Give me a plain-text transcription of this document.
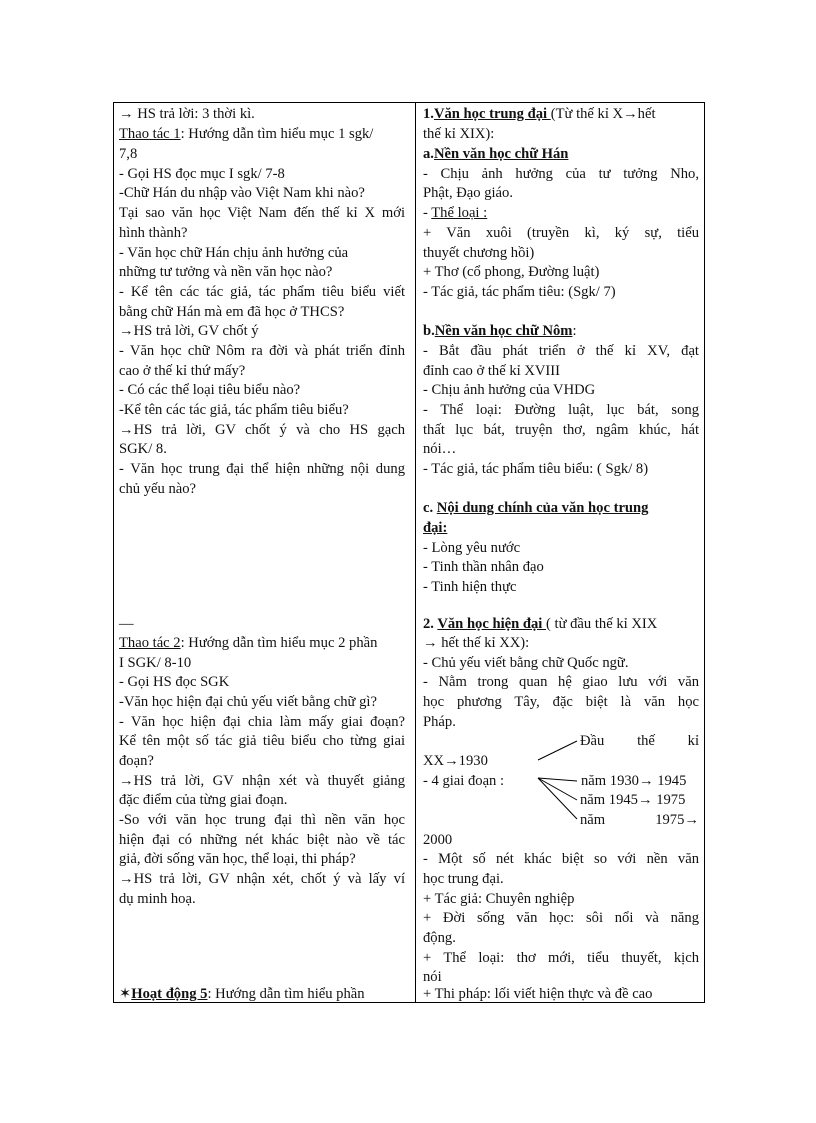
→ HS trả lời: 3 thời kì.
Thao tác 1: Hướng dẫn tìm hiểu mục 1 sgk/
7,8
- Gọi HS đọc mục I sgk/ 7-8
-Chữ Hán du nhập vào Việt Nam khi nào?
Tại sao văn học Việt Nam đến thế kỉ X mới
hình thành?
- Văn học chữ Hán chịu ảnh hưởng của
những tư tưởng và nền văn học nào?
- Kể tên các tác giả, tác phẩm tiêu biểu viết
bằng chữ Hán mà em đã học ở THCS?
→HS trả lời, GV chốt ý
- Văn học chữ Nôm ra đời và phát triển đỉnh
cao ở thế kỉ thứ mấy?
- Có các thể loại tiêu biểu nào?
-Kể tên các tác giả, tác phẩm tiêu biểu?
→HS trả lời, GV chốt ý và cho HS gạch
SGK/ 8.
- Văn học trung đại thể hiện những nội dung
chủ yếu nào?
__
Thao tác 2: Hướng dẫn tìm hiểu mục 2 phần
I SGK/ 8-10
- Gọi HS đọc SGK
-Văn học hiện đại chủ yếu viết bằng chữ gì?
- Văn học hiện đại chia làm mấy giai đoạn?
Kể tên một số tác giả tiêu biểu cho từng giai
đoạn?
→HS trả lời, GV nhận xét và thuyết giảng
đặc điểm của từng giai đoạn.
-So với văn học trung đại thì nền văn học
hiện đại có những nét khác biệt nào về tác
giả, đời sống văn học, thể loại, thi pháp?
→HS trả lời, GV nhận xét, chốt ý và lấy ví
dụ minh hoạ.
✶Hoạt động 5: Hướng dẫn tìm hiểu phần
1.Văn học trung đại (Từ thế kỉ X→hết
thế kỉ XIX):
a.Nền văn học chữ Hán
- Chịu ảnh hưởng của tư tưởng Nho,
Phật, Đạo giáo.
- Thể loại :
+ Văn xuôi (truyền kì, ký sự, tiểu
thuyết chương hồi)
+ Thơ (cổ phong, Đường luật)
- Tác giả, tác phẩm tiêu: (Sgk/ 7)
b.Nền văn học chữ Nôm:
- Bắt đầu phát triển ở thế kỉ XV, đạt
đỉnh cao ở thế kỉ XVIII
- Chịu ảnh hưởng của VHDG
- Thể loại: Đường luật, lục bát, song
thất lục bát, truyện thơ, ngâm khúc, hát
nói…
- Tác giả, tác phẩm tiêu biểu: ( Sgk/ 8)
c. Nội dung chính của văn học trung
đại:
- Lòng yêu nước
- Tinh thần nhân đạo
- Tinh hiện thực
2. Văn học hiện đại ( từ đầu thế kỉ XIX
→ hết thế kỉ XX):
- Chủ yếu viết bằng chữ Quốc ngữ.
- Nằm trong quan hệ giao lưu với văn
học phương Tây, đặc biệt là văn học
Pháp.
Đầu thế kỉ
XX→1930
- 4 giai đoạn :	năm 1930→ 1945
năm 1945→ 1975
năm 1975→
2000
- Một số nét khác biệt so với nền văn
học trung đại.
+ Tác giả: Chuyên nghiệp
+ Đời sống văn học: sôi nổi và năng
động.
+ Thể loại: thơ mới, tiểu thuyết, kịch
nói
+ Thi pháp: lối viết hiện thực và đề cao
